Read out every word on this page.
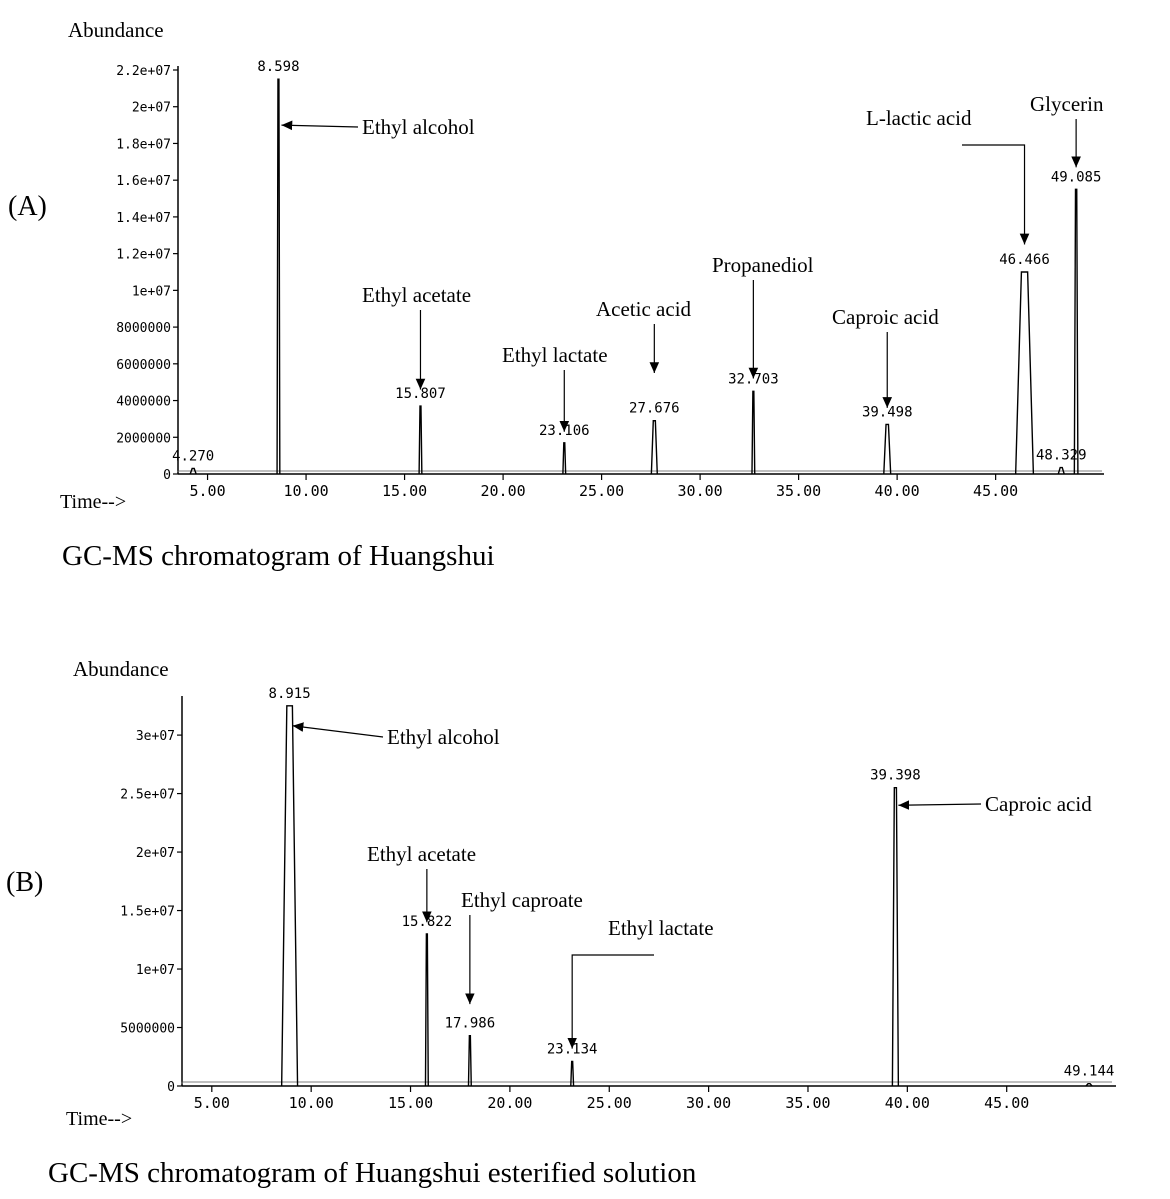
Abundance
(A)
GC-MS chromatogram of Huangshui
Time-->
0
2000000
4000000
6000000
8000000
1e+07
1.2e+07
1.4e+07
1.6e+07
1.8e+07
2e+07
2.2e+07
5.00	10.00	15.00	20.00	25.00	30.00	35.00	40.00	45.00
4.270
8.598
15.807
23.106
27.676
32.703
39.498
46.466
48.329
49.085
Ethyl alcohol
Ethyl acetate
Ethyl lactate
Acetic acid
Propanediol
Caproic acid
L-lactic acid
Glycerin
Abundance
(B)
GC-MS chromatogram of Huangshui esterified solution
Time-->
0
5000000
1e+07
1.5e+07
2e+07
2.5e+07
3e+07
5.00	10.00	15.00	20.00	25.00	30.00	35.00	40.00	45.00
8.915
15.822
17.986
23.134
39.398
49.144
Ethyl alcohol
Ethyl acetate
Ethyl caproate
Ethyl lactate
Caproic acid
